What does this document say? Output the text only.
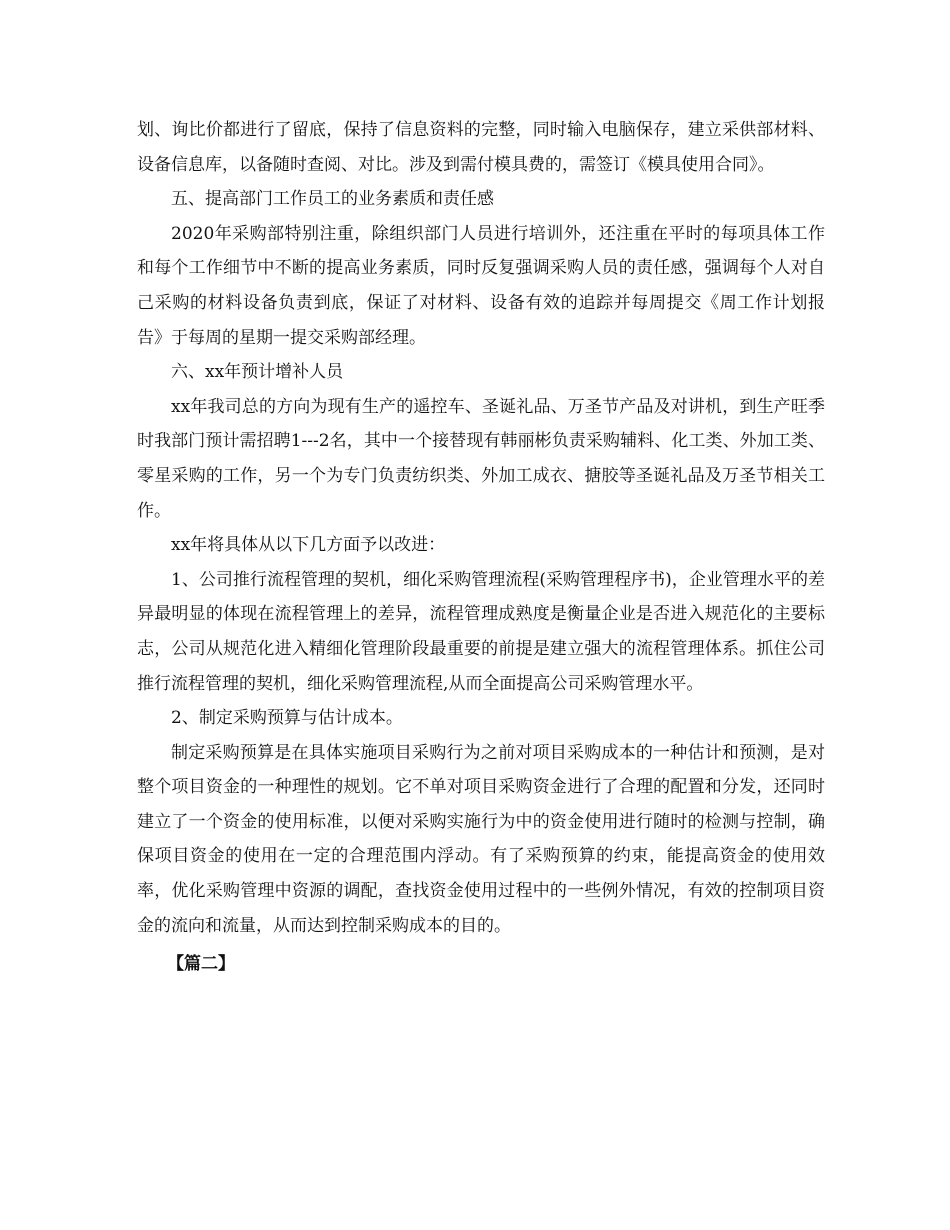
划、询比价都进行了留底，保持了信息资料的完整，同时输入电脑保存，建立采供部材料、设备信息库，以备随时查阅、对比。涉及到需付模具费的，需签订《模具使用合同》。

五、提高部门工作员工的业务素质和责任感

2020年采购部特别注重，除组织部门人员进行培训外，还注重在平时的每项具体工作和每个工作细节中不断的提高业务素质，同时反复强调采购人员的责任感，强调每个人对自己采购的材料设备负责到底，保证了对材料、设备有效的追踪并每周提交《周工作计划报告》于每周的星期一提交采购部经理。

六、xx年预计增补人员

xx年我司总的方向为现有生产的遥控车、圣诞礼品、万圣节产品及对讲机，到生产旺季时我部门预计需招聘1---2名，其中一个接替现有韩丽彬负责采购辅料、化工类、外加工类、零星采购的工作，另一个为专门负责纺织类、外加工成衣、搪胶等圣诞礼品及万圣节相关工作。

xx年将具体从以下几方面予以改进：

1、公司推行流程管理的契机，细化采购管理流程(采购管理程序书)，企业管理水平的差异最明显的体现在流程管理上的差异，流程管理成熟度是衡量企业是否进入规范化的主要标志，公司从规范化进入精细化管理阶段最重要的前提是建立强大的流程管理体系。抓住公司推行流程管理的契机，细化采购管理流程,从而全面提高公司采购管理水平。

2、制定采购预算与估计成本。

制定采购预算是在具体实施项目采购行为之前对项目采购成本的一种估计和预测，是对整个项目资金的一种理性的规划。它不单对项目采购资金进行了合理的配置和分发，还同时建立了一个资金的使用标准，以便对采购实施行为中的资金使用进行随时的检测与控制，确保项目资金的使用在一定的合理范围内浮动。有了采购预算的约束，能提高资金的使用效率，优化采购管理中资源的调配，查找资金使用过程中的一些例外情况，有效的控制项目资金的流向和流量，从而达到控制采购成本的目的。

【篇二】
